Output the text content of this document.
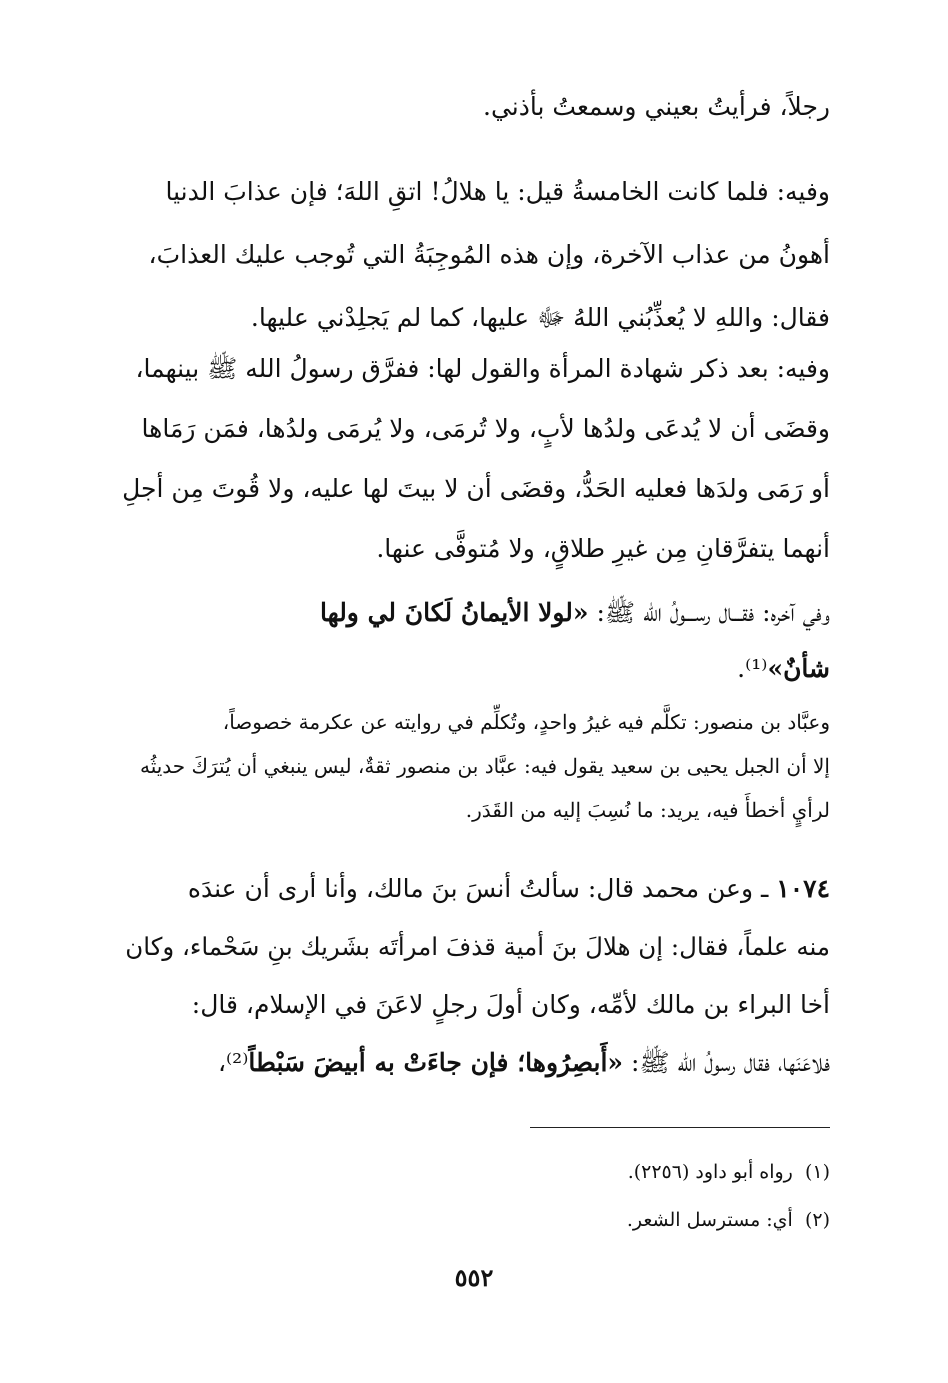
رجلاً، فرأيتُ بعيني وسمعتُ بأذني.
وفيه: فلما كانت الخامسةُ قيل: يا هلالُ! اتقِ اللهَ؛ فإن عذابَ الدنيا
أهونُ من عذاب الآخرة، وإن هذه المُوجِبَةُ التي تُوجب عليك العذابَ،
فقال: واللهِ لا يُعذِّبُني اللهُ ﷻ عليها، كما لم يَجلِدْني عليها.
وفيه: بعد ذكر شهادة المرأة والقول لها: ففرَّق رسولُ الله ﷺ بينهما،
وقضَى أن لا يُدعَى ولدُها لأبٍ، ولا تُرمَى، ولا يُرمَى ولدُها، فمَن رَمَاها
أو رَمَى ولدَها فعليه الحَدُّ، وقضَى أن لا بيتَ لها عليه، ولا قُوتَ مِن أجلِ
أنهما يتفرَّقانِ مِن غيرِ طلاقٍ، ولا مُتوفَّى عنها.
وفي آخره: فقـــال رســـولُ الله ﷺ: «لولا الأيمانُ لَكانَ لي ولها
شأنٌ»⁽¹⁾.
وعبَّاد بن منصور: تكلَّم فيه غيرُ واحدٍ، وتُكلِّم في روايته عن عكرمة خصوصاً،
إلا أن الجبل يحيى بن سعيد يقول فيه: عبَّاد بن منصور ثقةٌ، ليس ينبغي أن يُترَكَ حديثُه
لرأيٍ أخطأَ فيه، يريد: ما نُسِبَ إليه من القَدَر.
١٠٧٤ ـ وعن محمد قال: سألتُ أنسَ بنَ مالك، وأنا أرى أن عندَه
منه علماً، فقال: إن هلالَ بنَ أمية قذفَ امرأتَه بشَريك بنِ سَحْماء، وكان
أخا البراء بن مالك لأمِّه، وكان أولَ رجلٍ لاعَنَ في الإسلام، قال:
فلاعَنَها، فقال رسولُ الله ﷺ: «أَبصِرُوها؛ فإن جاءَتْ به أبيضَ سَبْطاً⁽²⁾،
(١)  رواه أبو داود (٢٢٥٦).
(٢)  أي: مسترسل الشعر.
٥٥٢
